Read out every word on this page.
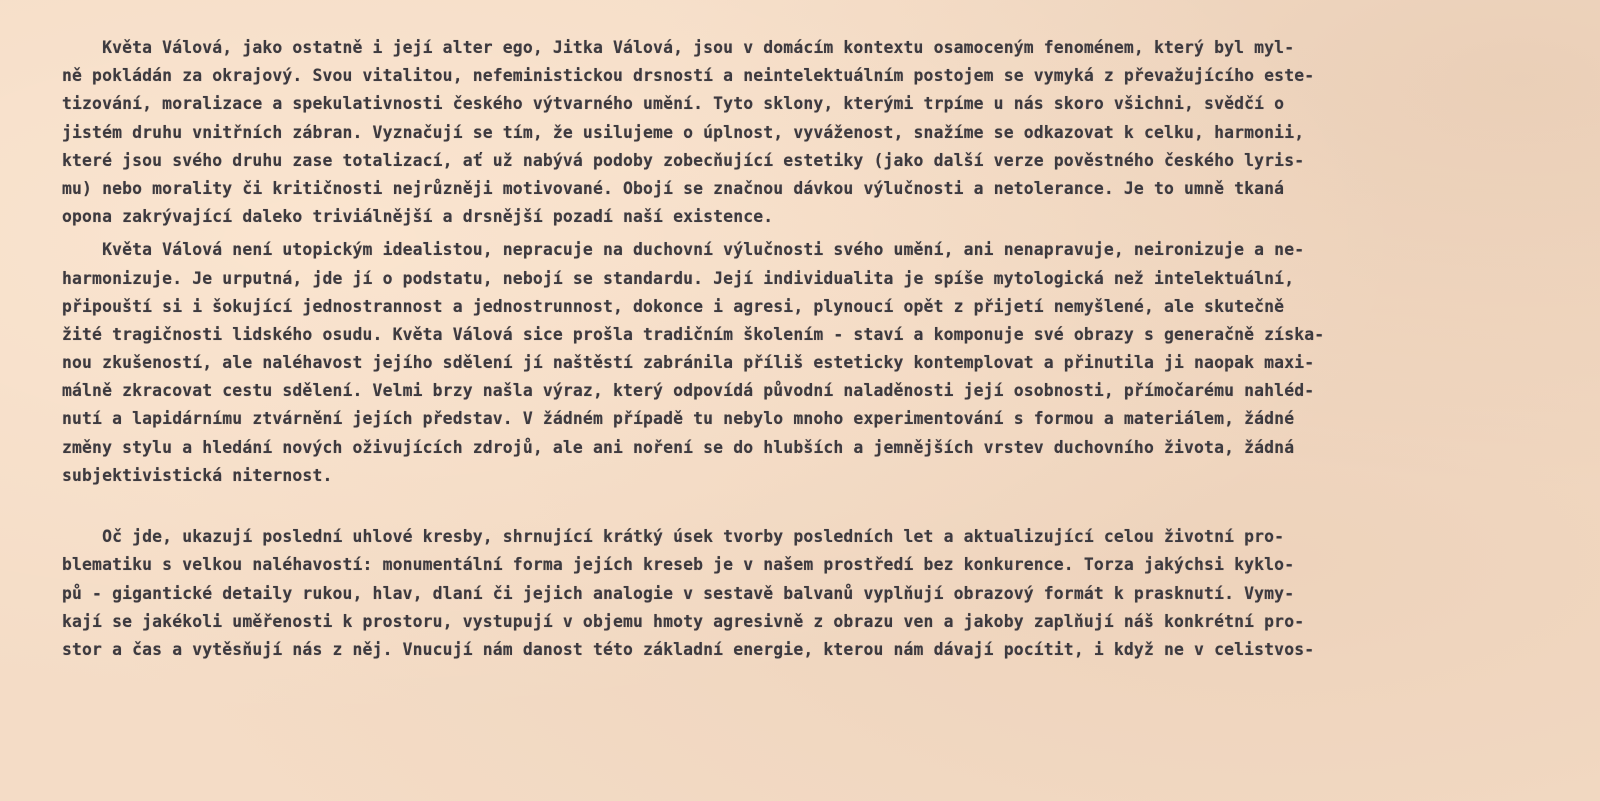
Květa Válová, jako ostatně i její alter ego, Jitka Válová, jsou v domácím kontextu osamoceným fenoménem, který byl myl-
ně pokládán za okrajový. Svou vitalitou, nefeministickou drsností a neintelektuálním postojem se vymyká z převažujícího este-
tizování, moralizace a spekulativnosti českého výtvarného umění. Tyto sklony, kterými trpíme u nás skoro všichni, svědčí o
jistém druhu vnitřních zábran. Vyznačují se tím, že usilujeme o úplnost, vyváženost, snažíme se odkazovat k celku, harmonii,
které jsou svého druhu zase totalizací, ať už nabývá podoby zobecňující estetiky (jako další verze pověstného českého lyris-
mu) nebo morality či kritičnosti nejrůzněji motivované. Obojí se značnou dávkou výlučnosti a netolerance. Je to umně tkaná
opona zakrývající daleko triviálnější a drsnější pozadí naší existence.
Květa Válová není utopickým idealistou, nepracuje na duchovní výlučnosti svého umění, ani nenapravuje, neironizuje a ne-
harmonizuje. Je urputná, jde jí o podstatu, nebojí se standardu. Její individualita je spíše mytologická než intelektuální,
připouští si i šokující jednostrannost a jednostrunnost, dokonce i agresi, plynoucí opět z přijetí nemyšlené, ale skutečně
žité tragičnosti lidského osudu. Květa Válová sice prošla tradičním školením - staví a komponuje své obrazy s generačně získa-
nou zkušeností, ale naléhavost jejího sdělení jí naštěstí zabránila příliš esteticky kontemplovat a přinutila ji naopak maxi-
málně zkracovat cestu sdělení. Velmi brzy našla výraz, který odpovídá původní naladěnosti její osobnosti, přímočarému nahléd-
nutí a lapidárnímu ztvárnění jejích představ. V žádném případě tu nebylo mnoho experimentování s formou a materiálem, žádné
změny stylu a hledání nových oživujících zdrojů, ale ani noření se do hlubších a jemnějších vrstev duchovního života, žádná
subjektivistická niternost.
Oč jde, ukazují poslední uhlové kresby, shrnující krátký úsek tvorby posledních let a aktualizující celou životní pro-
blematiku s velkou naléhavostí: monumentální forma jejích kreseb je v našem prostředí bez konkurence. Torza jakýchsi kyklo-
pů - gigantické detaily rukou, hlav, dlaní či jejich analogie v sestavě balvanů vyplňují obrazový formát k prasknutí. Vymy-
kají se jakékoli uměřenosti k prostoru, vystupují v objemu hmoty agresivně z obrazu ven a jakoby zaplňují náš konkrétní pro-
stor a čas a vytěsňují nás z něj. Vnucují nám danost této základní energie, kterou nám dávají pocítit, i když ne v celistvos-
